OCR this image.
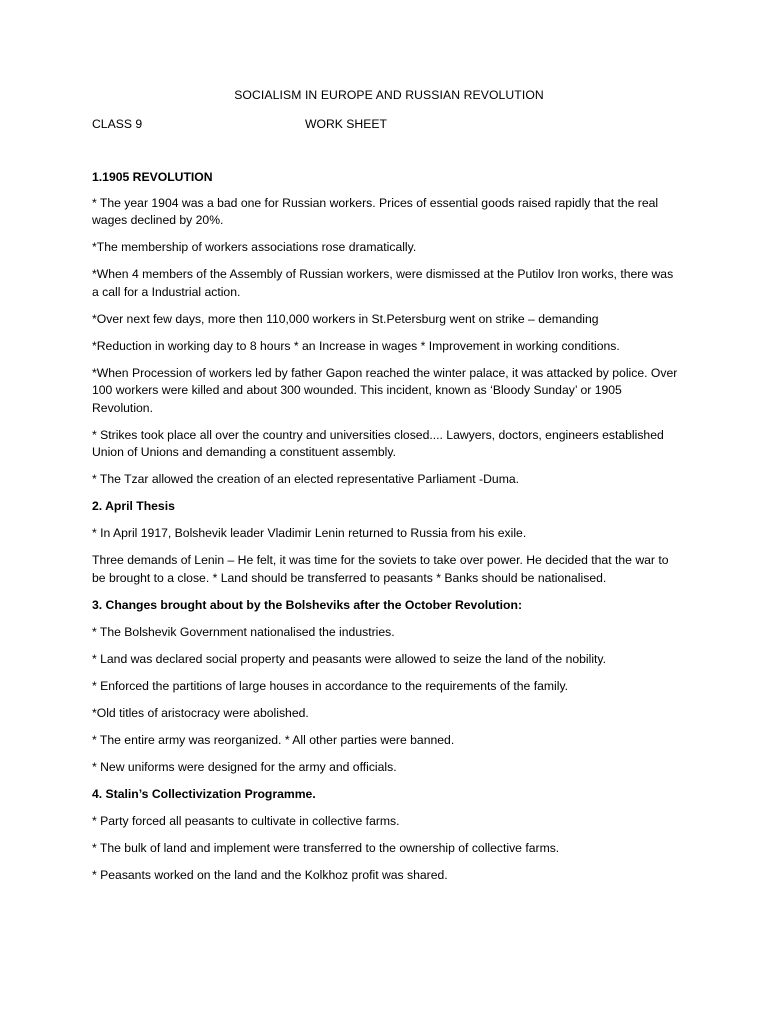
SOCIALISM IN EUROPE AND RUSSIAN REVOLUTION
CLASS 9	WORK SHEET

1.1905 REVOLUTION

* The year 1904 was a bad one for Russian workers. Prices of essential goods raised rapidly that the real wages declined by 20%.

*The membership of workers associations rose dramatically.

*When 4 members of the Assembly of Russian workers, were dismissed at the Putilov Iron works, there was a call for a Industrial action.

*Over next few days, more then 110,000 workers in St.Petersburg went on strike – demanding

*Reduction in working day to 8 hours * an Increase in wages * Improvement in working conditions.

*When Procession of workers led by father Gapon reached the winter palace, it was attacked by police. Over 100 workers were killed and about 300 wounded. This incident, known as ‘Bloody Sunday’ or 1905 Revolution.

* Strikes took place all over the country and universities closed.... Lawyers, doctors, engineers established Union of Unions and demanding a constituent assembly.

* The Tzar allowed the creation of an elected representative Parliament -Duma.

2. April Thesis

* In April 1917, Bolshevik leader Vladimir Lenin returned to Russia from his exile.

Three demands of Lenin – He felt, it was time for the soviets to take over power. He decided that the war to be brought to a close. * Land should be transferred to peasants * Banks should be nationalised.

3. Changes brought about by the Bolsheviks after the October Revolution:

* The Bolshevik Government nationalised the industries.

* Land was declared social property and peasants were allowed to seize the land of the nobility.

* Enforced the partitions of large houses in accordance to the requirements of the family.

*Old titles of aristocracy were abolished.

* The entire army was reorganized. * All other parties were banned.

* New uniforms were designed for the army and officials.

4. Stalin’s Collectivization Programme.

* Party forced all peasants to cultivate in collective farms.

* The bulk of land and implement were transferred to the ownership of collective farms.

* Peasants worked on the land and the Kolkhoz profit was shared.
